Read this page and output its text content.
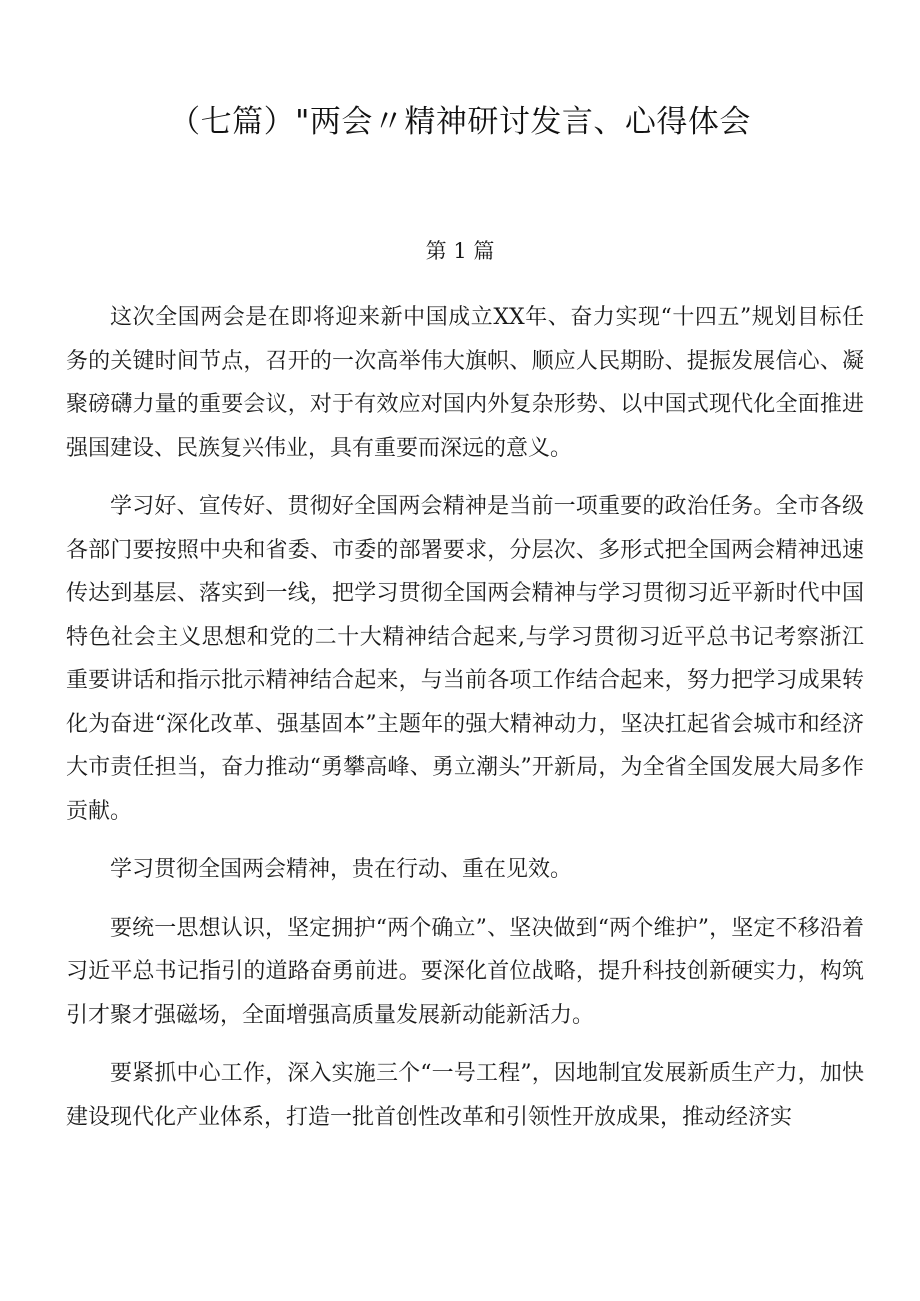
（七篇）"两会〃精神研讨发言、心得体会
第 1 篇

这次全国两会是在即将迎来新中国成立XX年、奋力实现“十四五”规划目标任务的关键时间节点，召开的一次高举伟大旗帜、顺应人民期盼、提振发展信心、凝聚磅礴力量的重要会议，对于有效应对国内外复杂形势、以中国式现代化全面推进强国建设、民族复兴伟业，具有重要而深远的意义。

学习好、宣传好、贯彻好全国两会精神是当前一项重要的政治任务。全市各级各部门要按照中央和省委、市委的部署要求，分层次、多形式把全国两会精神迅速传达到基层、落实到一线，把学习贯彻全国两会精神与学习贯彻习近平新时代中国特色社会主义思想和党的二十大精神结合起来,与学习贯彻习近平总书记考察浙江重要讲话和指示批示精神结合起来，与当前各项工作结合起来，努力把学习成果转化为奋进“深化改革、强基固本”主题年的强大精神动力，坚决扛起省会城市和经济大市责任担当，奋力推动“勇攀高峰、勇立潮头”开新局，为全省全国发展大局多作贡献。

学习贯彻全国两会精神，贵在行动、重在见效。

要统一思想认识，坚定拥护“两个确立”、坚决做到“两个维护”，坚定不移沿着习近平总书记指引的道路奋勇前进。要深化首位战略，提升科技创新硬实力，构筑引才聚才强磁场，全面增强高质量发展新动能新活力。

要紧抓中心工作，深入实施三个“一号工程”，因地制宜发展新质生产力，加快建设现代化产业体系，打造一批首创性改革和引领性开放成果，推动经济实
